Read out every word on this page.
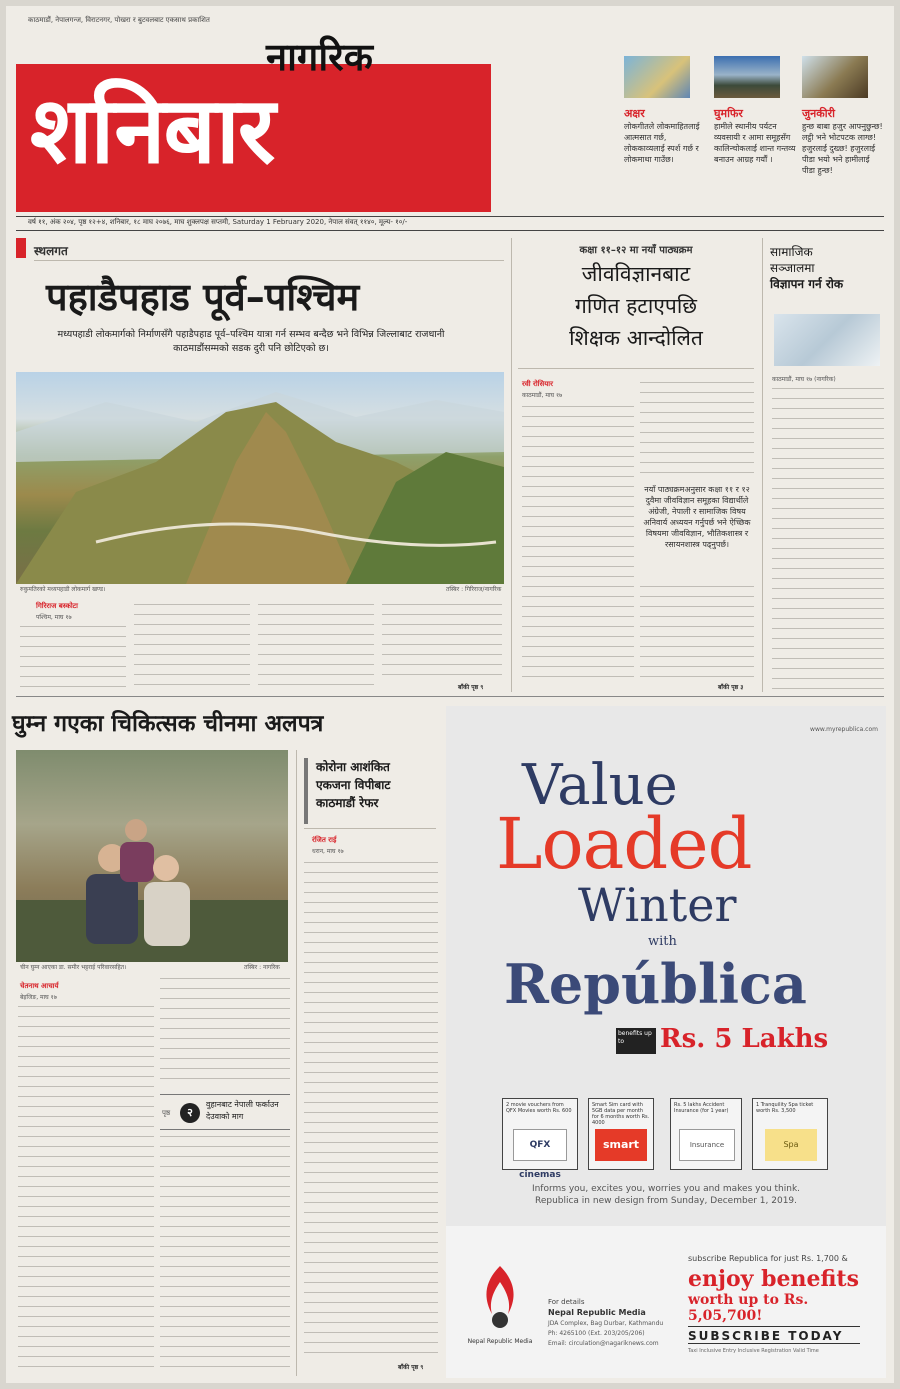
काठमाडौं, नेपालगन्ज, विराटनगर, पोखरा र बुटवलबाट एकसाथ प्रकाशित
नागरिक
शनिबार	अक्षर
लोकगीतले लोकमाहितलाई आत्मसात गर्छ, लोककाव्यलाई स्पर्श गर्छ र लोकमाथा गाउँछ।
घुमफिर
हामीले स्थानीय पर्यटन व्यवसायी र आमा समूहसँग कालिन्चोकलाई शान्त गन्तव्य बनाउन आग्रह गर्यौं ।
जुनकीरी
हुन्छ बाबा हजुर आफ्नुछुन्छ! लट्ठी भने भोटपटक लाग्छ! हजुरलाई दुख्छ! हजुरलाई पीडा भयो भने हामीलाई पीडा हुन्छ!
वर्ष ११, अंक २०४, पृष्ठ १२+४, शनिबार, १८ माघ २०७६, माघ शुक्लपक्ष सप्तमी, Saturday 1 February 2020, नेपाल संवत् ११४०, मूल्य- १०/-
स्थलगत
पहाडैपहाड पूर्व–पश्चिम
मध्यपहाडी लोकमार्गको निर्माणसँगै पहाडैपहाड पूर्व–पश्चिम यात्रा गर्न सम्भव बन्दैछ भने विभिन्न जिल्लाबाट राजधानी काठमाडौंसम्मको सडक दुरी पनि छोटिएको छ।
रुकुमतिरको मध्यपहाडी लोकमार्ग खण्ड।	तस्बिर : गिरिराज/नागरिक
गिरिराज बस्कोटा
पश्चिम, माघ १७
बाँकी पृष्ठ ९
कक्षा ११–१२ मा नयाँ पाठ्यक्रम
जीवविज्ञानबाट
गणित हटाएपछि
शिक्षक आन्दोलित
रवी रोसियार
काठमाडौं, माघ १७
नयाँ पाठ्यक्रमअनुसार कक्षा ११ र १२ दुवैमा जीवविज्ञान समूहका विद्यार्थीले अंग्रेजी, नेपाली र सामाजिक विषय अनिवार्य अध्ययन गर्नुपर्छ भने ऐच्छिक विषयमा जीवविज्ञान, भौतिकशास्त्र र रसायनशास्त्र पढ्नुपर्छ।
बाँकी पृष्ठ ३
सामाजिक
सञ्जालमा
विज्ञापन गर्न रोक
काठमाडौं, माघ १७ (नागरिक)
घुम्न गएका चिकित्सक चीनमा अलपत्र
चीन घुम्न आएका डा. समीर भट्टराई परिवारसहित।	तस्बिर : नागरिक
चेतनाथ आचार्य
बेइजिङ, माघ १७
पृष्ठ	२
वुहानबाट नेपाली फर्काउन देउवाको माग
कोरोना आशंकित
एकजना विपीबाट
काठमाडौं रेफर
रंजित राई
धरान, माघ १७
बाँकी पृष्ठ ९
www.myrepublica.com
Value
Loaded
Winter
with
República
benefits up to	Rs. 5 Lakhs
2 movie vouchers from QFX Movies worth Rs. 600
QFX cinemas
Smart Sim card with 5GB data per month for 6 months worth Rs. 4000
smart
Rs. 5 lakhs Accident Insurance (for 1 year)
Insurance
1 Tranquility Spa ticket worth Rs. 3,500
Spa
Informs you, excites you, worries you and makes you think.
Republica in new design from Sunday, December 1, 2019.
Nepal Republic Media
For details
Nepal Republic Media
JDA Complex, Bag Durbar, Kathmandu
Ph: 4265100 (Ext. 203/205/206)
Email: circulation@nagariknews.com
subscribe Republica for just Rs. 1,700 &
enjoy benefits
worth up to Rs. 5,05,700!
SUBSCRIBE TODAY
Taxi Inclusive Entry Inclusive Registration Valid Time
